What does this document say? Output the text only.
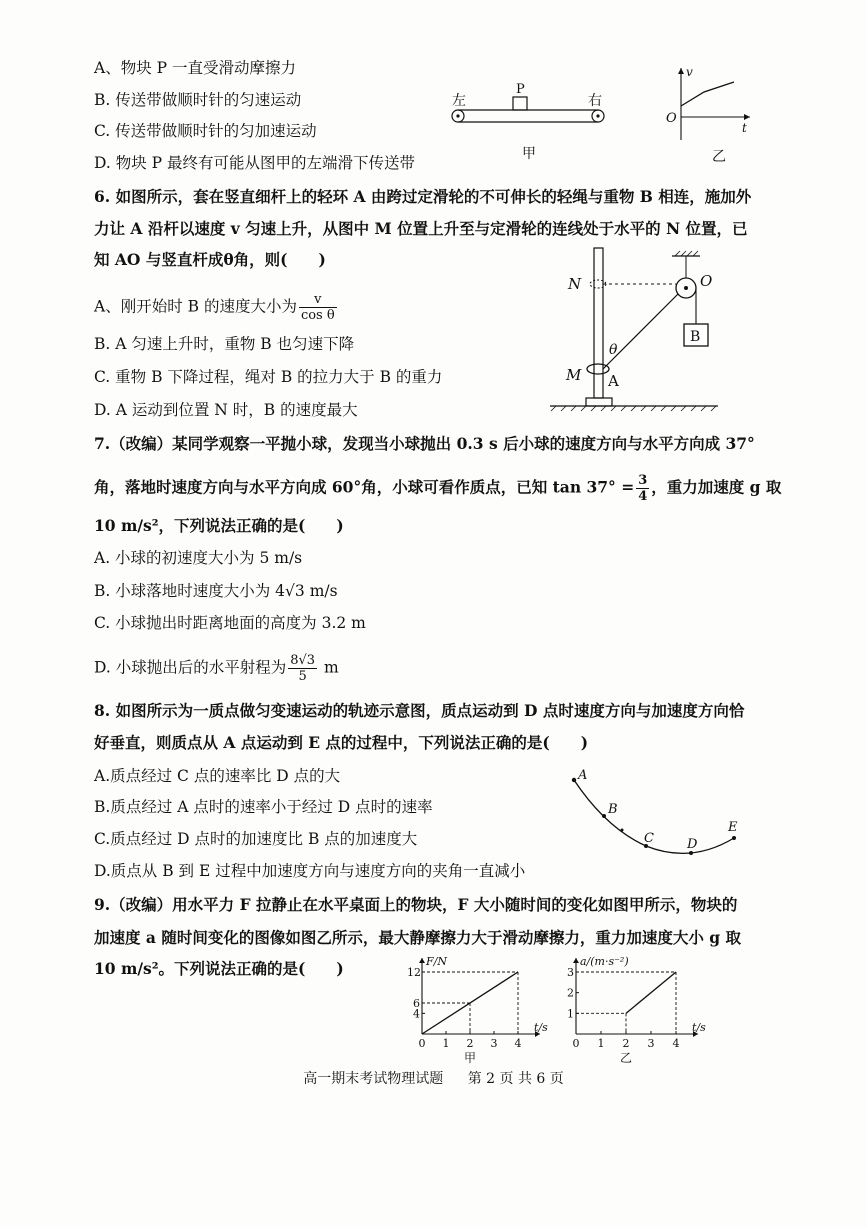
A、物块 P 一直受滑动摩擦力
B. 传送带做顺时针的匀速运动
C. 传送带做顺时针的匀加速运动
D. 物块 P 最终有可能从图甲的左端滑下传送带
左	右
P
甲
v
O
t
乙
6. 如图所示，套在竖直细杆上的轻环 A 由跨过定滑轮的不可伸长的轻绳与重物 B 相连，施加外
力让 A 沿杆以速度 v 匀速上升，从图中 M 位置上升至与定滑轮的连线处于水平的 N 位置，已
知 AO 与竖直杆成θ角，则(　　)
A、刚开始时 B 的速度大小为 $\frac{v}{\text{cos θ}}$
B. A 匀速上升时，重物 B 也匀速下降
C. 重物 B 下降过程，绳对 B 的拉力大于 B 的重力
D. A 运动到位置 N 时，B 的速度最大
B
θ
N	O
M A
7.（改编）某同学观察一平抛小球，发现当小球抛出 0.3 s 后小球的速度方向与水平方向成 37°
角，落地时速度方向与水平方向成 60°角，小球可看作质点，已知 $\tan 37^\circ = \frac{3}{4}$ ，重力加速度 g 取
10 m/s²，下列说法正确的是(　　)
A. 小球的初速度大小为 5 m/s
B. 小球落地时速度大小为 4√3 m/s
C. 小球抛出时距离地面的高度为 3.2 m
D. 小球抛出后的水平射程为 $\frac{8√3}{5}$ m
8. 如图所示为一质点做匀变速运动的轨迹示意图，质点运动到 D 点时速度方向与加速度方向恰
好垂直，则质点从 A 点运动到 E 点的过程中，下列说法正确的是(　　)
A.质点经过 C 点的速率比 D 点的大
B.质点经过 A 点时的速率小于经过 D 点时的速率
C.质点经过 D 点时的加速度比 B 点的加速度大
D.质点从 B 到 E 过程中加速度方向与速度方向的夹角一直减小
A
B
C	D
E
9.（改编）用水平力 F 拉静止在水平桌面上的物块，F 大小随时间的变化如图甲所示，物块的
加速度 a 随时间变化的图像如图乙所示，最大静摩擦力大于滑动摩擦力，重力加速度大小 g 取
10 m/s²。下列说法正确的是(　　)	F/N
t/s
0 1 2 3 4
4
6
12
甲
a/(m·s⁻²)
t/s
0 1 2 3 4
1
2
3
乙
高一期末考试物理试题 第 2 页 共 6 页
